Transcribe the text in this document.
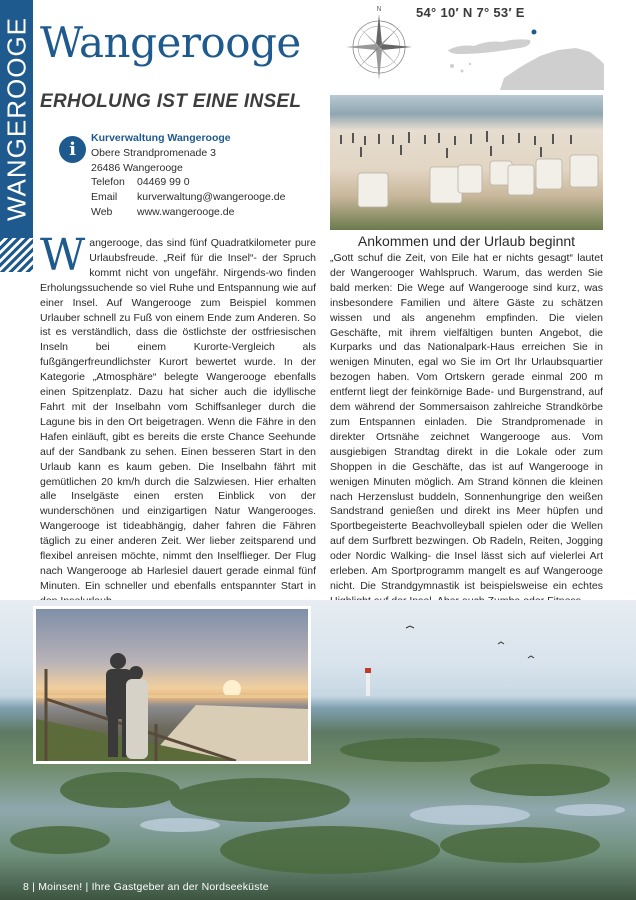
WANGEROOGE Wangerooge
ERHOLUNG IST EINE INSEL
N	54° 10′ N 7° 53′ E
i
Kurverwaltung Wangerooge
Obere Strandpromenade 3
26486 Wangerooge
Telefon	04469 99 0
Email	kurverwaltung@wangerooge.de
Web	www.wangerooge.de
W angerooge, das sind fünf Quadratkilometer pure Urlaubsfreude. „Reif für die Insel“- der Spruch kommt nicht von ungefähr. Nirgends-wo finden Erholungssuchende so viel Ruhe und Entspannung wie auf einer Insel. Auf Wangerooge zum Beispiel kommen Urlauber schnell zu Fuß von einem Ende zum Anderen. So ist es verständlich, dass die östlichste der ostfriesischen Inseln bei einem Kurorte-Vergleich als fußgängerfreundlichster Kurort bewertet wurde. In der Kategorie „Atmosphäre“ belegte Wangerooge ebenfalls einen Spitzenplatz. Dazu hat sicher auch die idyllische Fahrt mit der Inselbahn vom Schiffsanleger durch die Lagune bis in den Ort beigetragen. Wenn die Fähre in den Hafen einläuft, gibt es bereits die erste Chance Seehunde auf der Sandbank zu sehen. Einen besseren Start in den Urlaub kann es kaum geben. Die Inselbahn fährt mit gemütlichen 20 km/h durch die Salzwiesen. Hier erhalten alle Inselgäste einen ersten Einblick von der wunderschönen und einzigartigen Natur Wangerooges. Wangerooge ist tideabhängig, daher fahren die Fähren täglich zu einer anderen Zeit. Wer lieber zeitsparend und flexibel anreisen möchte, nimmt den Inselflieger. Der Flug nach Wangerooge ab Harlesiel dauert gerade einmal fünf Minuten. Ein schneller und ebenfalls entspannter Start in
Ankommen und der Urlaub beginnt
„Gott schuf die Zeit, von Eile hat er nichts gesagt“ lautet der Wangerooger Wahlspruch. Warum, das werden Sie bald merken: Die Wege auf Wangerooge sind kurz, was insbesondere Familien und ältere Gäste zu schätzen wissen und als angenehm empfinden. Die vielen Geschäfte, mit ihrem vielfältigen bunten Angebot, die Kurparks und das Nationalpark-Haus erreichen Sie in wenigen Minuten, egal wo Sie im Ort Ihr Urlaubsquartier bezogen haben. Vom Ortskern gerade einmal 200 m entfernt liegt der feinkörnige Bade- und Burgenstrand, auf dem während der Sommersaison zahlreiche Strandkörbe zum Entspannen einladen. Die Strandpromenade in direkter Ortsnähe zeichnet Wangerooge aus. Vom ausgiebigen Strandtag direkt in die Lokale oder zum Shoppen in die Geschäfte, das ist auf Wangerooge in wenigen Minuten möglich. Am Strand können die kleinen nach Herzenslust buddeln, Sonnenhungrige den weißen Sandstrand genießen und direkt ins Meer hüpfen und Sportbegeisterte Beachvolleyball spielen oder die Wellen auf dem Surfbrett bezwingen. Ob Radeln, Reiten, Jogging oder Nordic Walking- die Insel lässt sich auf vielerlei Art erleben. Am Sportprogramm mangelt es auf Wangerooge nicht. Die Strandgymnastik ist beispielsweise ein echtes
8 | Moinsen! | Ihre Gastgeber an der Nordseeküste
